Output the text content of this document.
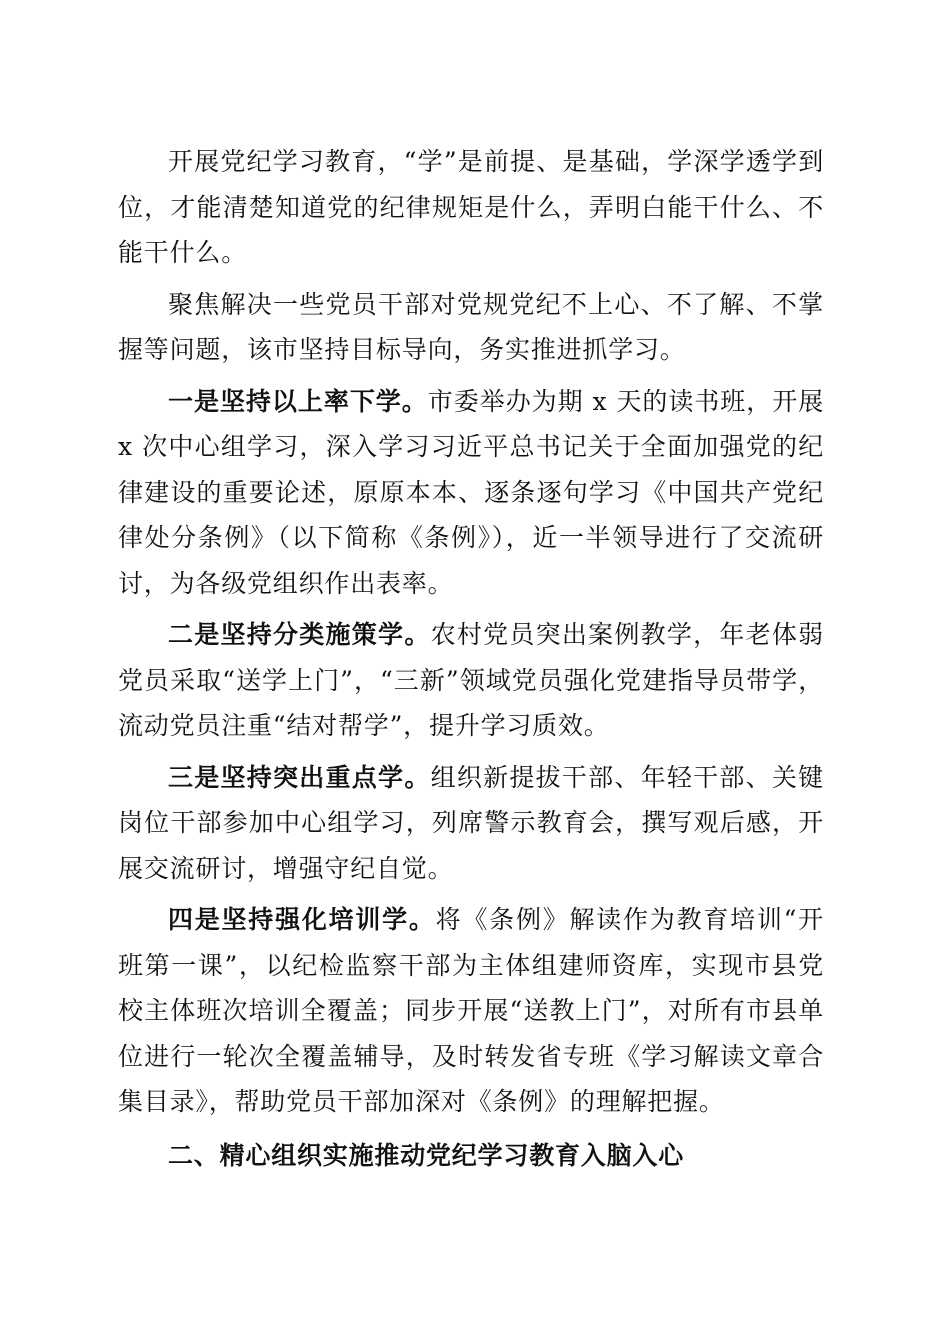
开展党纪学习教育，“学”是前提、是基础，学深学透学到位，才能清楚知道党的纪律规矩是什么，弄明白能干什么、不能干什么。

聚焦解决一些党员干部对党规党纪不上心、不了解、不掌握等问题，该市坚持目标导向，务实推进抓学习。

一是坚持以上率下学。市委举办为期 x 天的读书班，开展 x 次中心组学习，深入学习习近平总书记关于全面加强党的纪律建设的重要论述，原原本本、逐条逐句学习《中国共产党纪律处分条例》（以下简称《条例》），近一半领导进行了交流研讨，为各级党组织作出表率。

二是坚持分类施策学。农村党员突出案例教学，年老体弱党员采取“送学上门”，“三新”领域党员强化党建指导员带学，流动党员注重“结对帮学”，提升学习质效。

三是坚持突出重点学。组织新提拔干部、年轻干部、关键岗位干部参加中心组学习，列席警示教育会，撰写观后感，开展交流研讨，增强守纪自觉。

四是坚持强化培训学。将《条例》解读作为教育培训“开班第一课”，以纪检监察干部为主体组建师资库，实现市县党校主体班次培训全覆盖；同步开展“送教上门”，对所有市县单位进行一轮次全覆盖辅导，及时转发省专班《学习解读文章合集目录》，帮助党员干部加深对《条例》的理解把握。

二、精心组织实施推动党纪学习教育入脑入心
